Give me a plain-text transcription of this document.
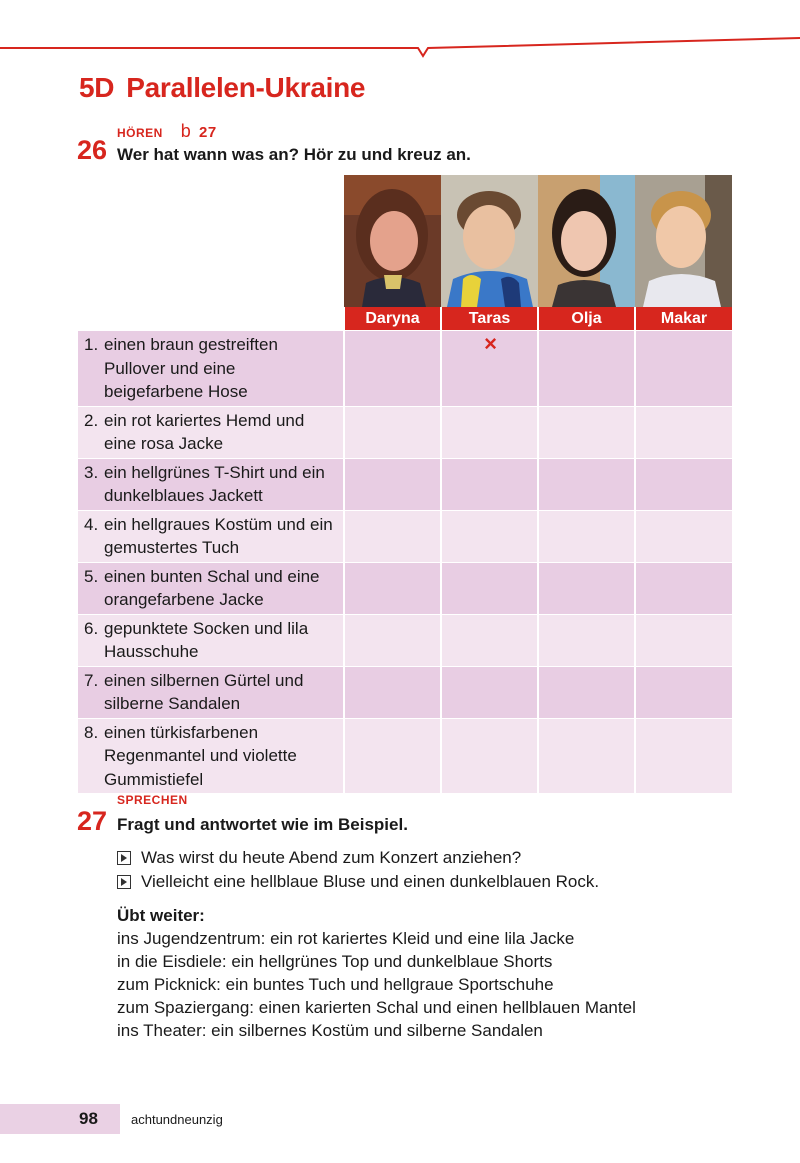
5D Parallelen-Ukraine
HÖREN b 27
26 Wer hat wann was an? Hör zu und kreuz an.
	Daryna	Taras	Olja	Makar
1. einen braun gestreiften Pullover und eine beigefarbene Hose		×		
2. ein rot kariertes Hemd und eine rosa Jacke				
3. ein hellgrünes T-Shirt und ein dunkelblaues Jackett				
4. ein hellgraues Kostüm und ein gemustertes Tuch				
5. einen bunten Schal und eine orangefarbene Jacke				
6. gepunktete Socken und lila Hausschuhe				
7. einen silbernen Gürtel und silberne Sandalen				
8. einen türkisfarbenen Regenmantel und violette Gummistiefel				
SPRECHEN
27 Fragt und antwortet wie im Beispiel.
Was wirst du heute Abend zum Konzert anziehen?
Vielleicht eine hellblaue Bluse und einen dunkelblauen Rock.
Übt weiter:
ins Jugendzentrum: ein rot kariertes Kleid und eine lila Jacke
in die Eisdiele: ein hellgrünes Top und dunkelblaue Shorts
zum Picknick: ein buntes Tuch und hellgraue Sportschuhe
zum Spaziergang: einen karierten Schal und einen hellblauen Mantel
ins Theater: ein silbernes Kostüm und silberne Sandalen
98	achtundneunzig
